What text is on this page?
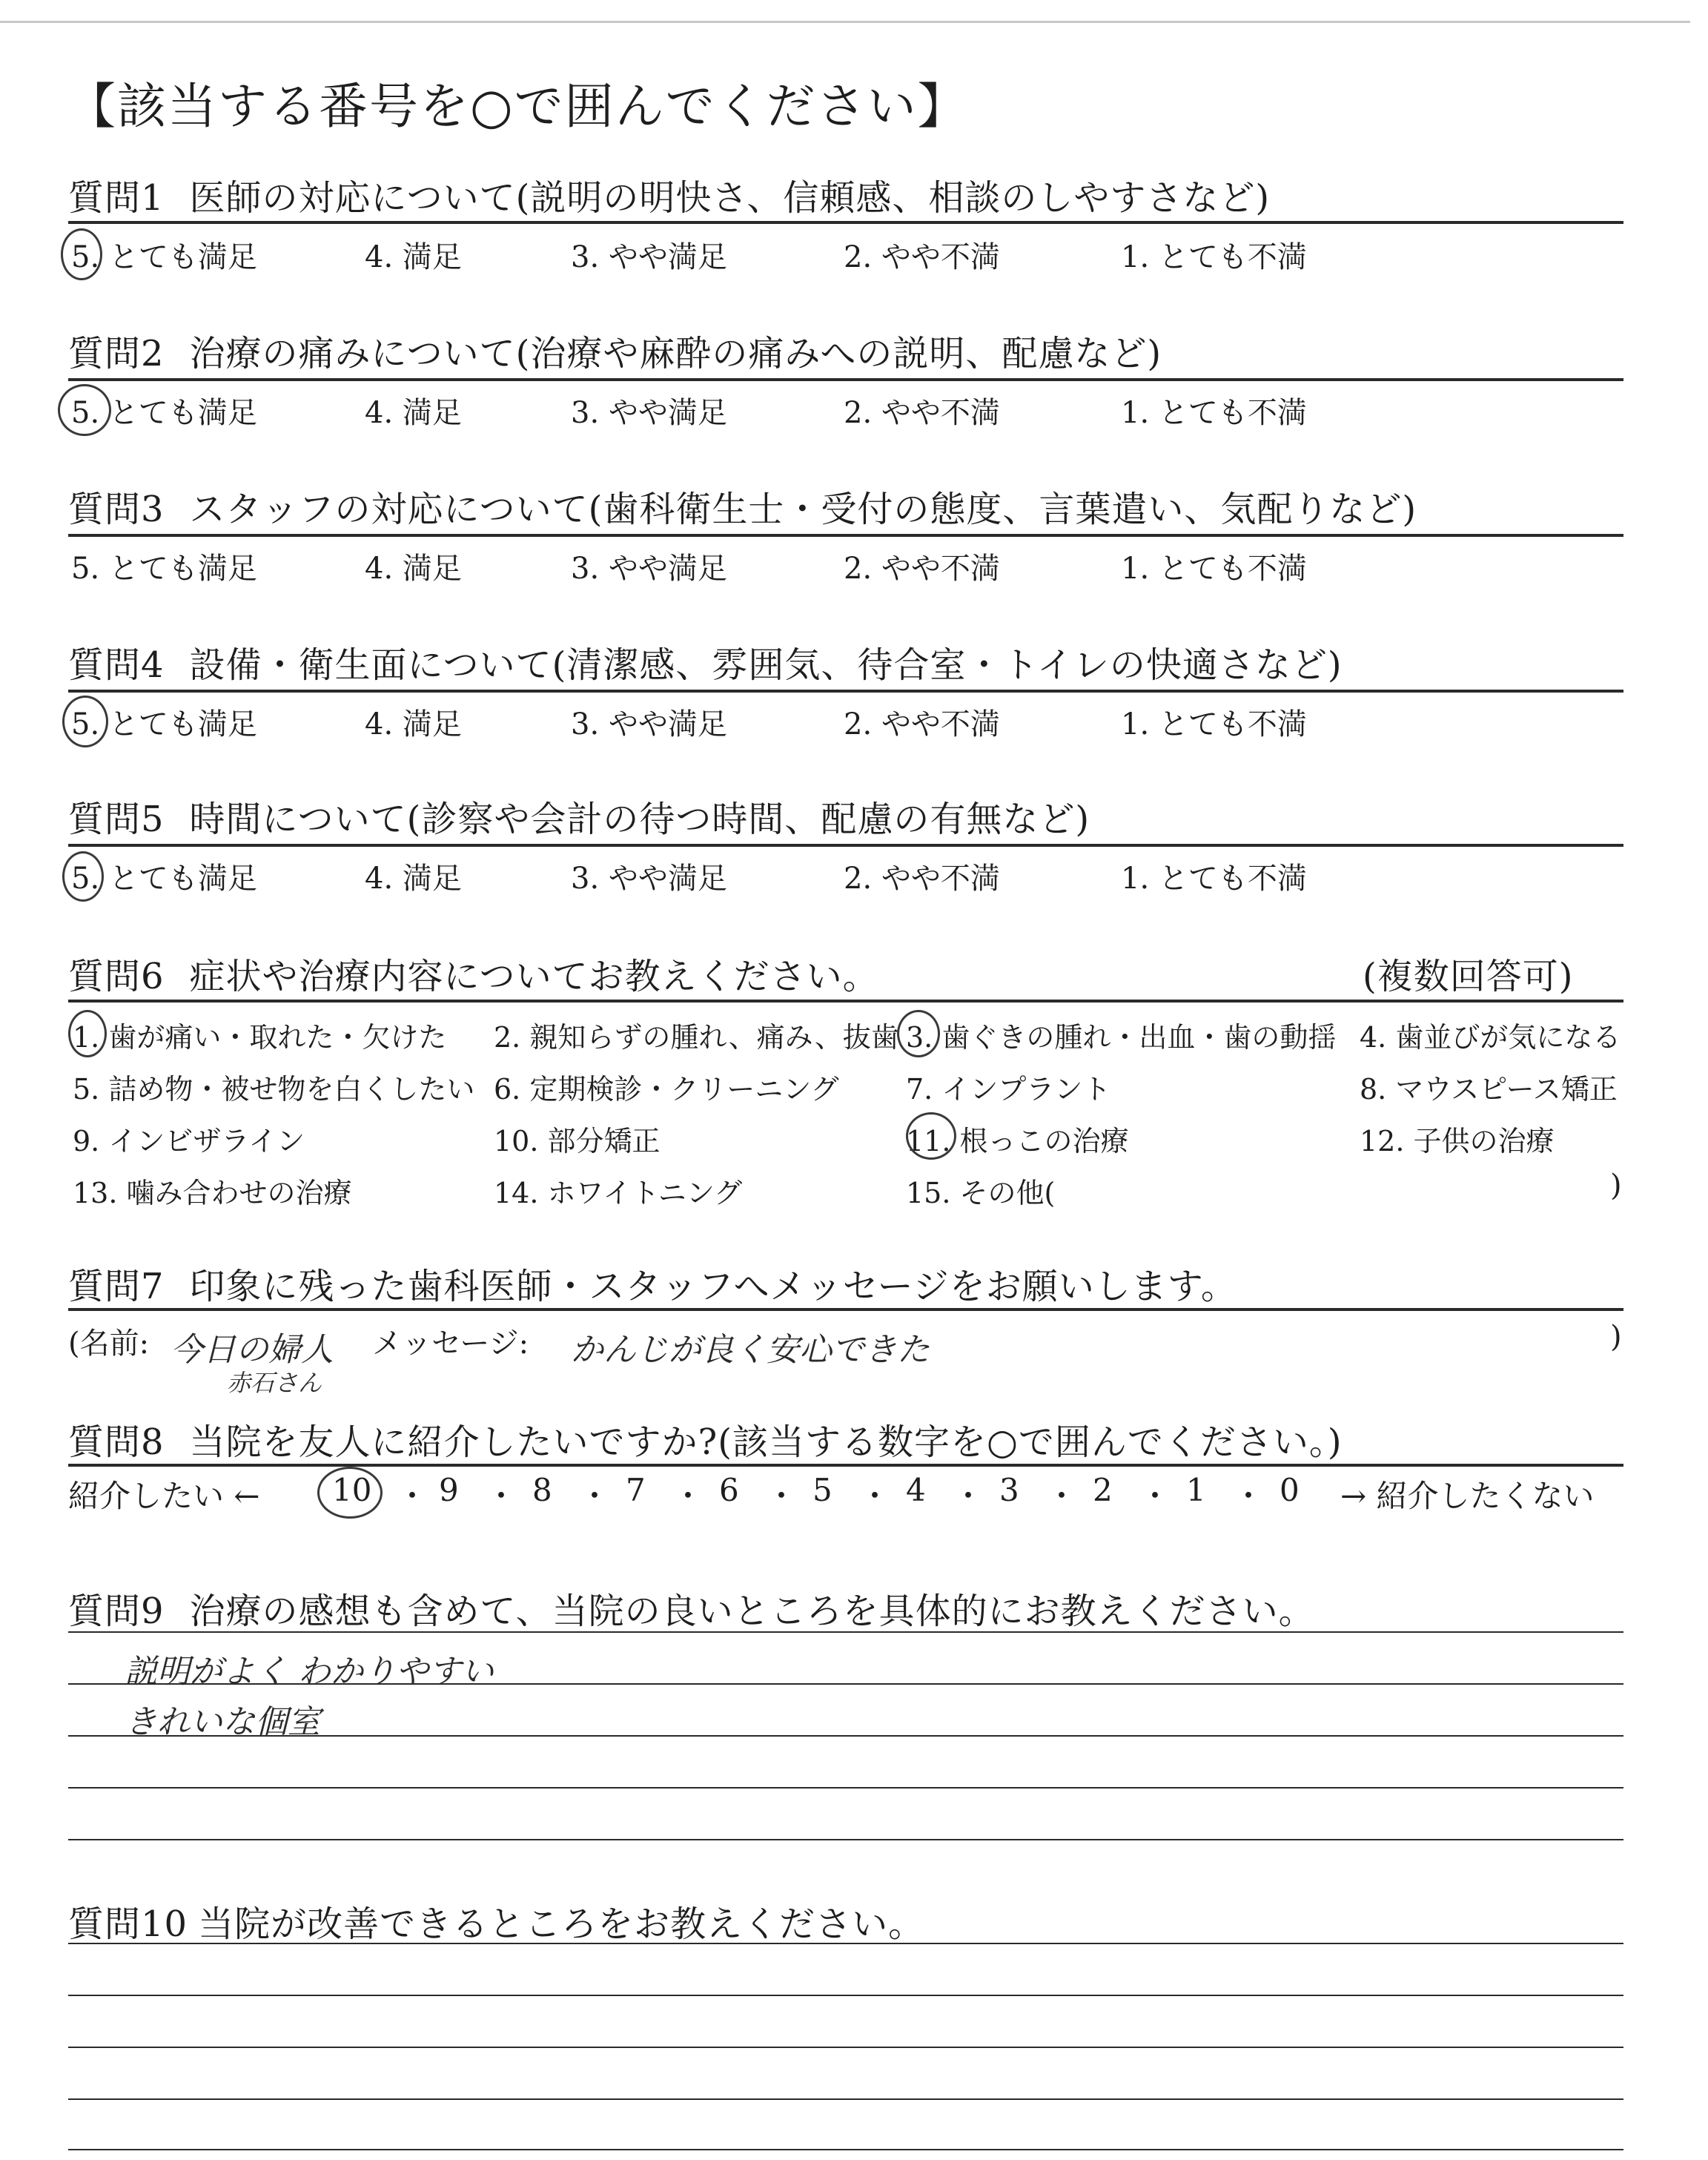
【該当する番号を○で囲んでください】
質問1 医師の対応について(説明の明快さ、信頼感、相談のしやすさなど)
5. とても満足	4. 満足	3. やや満足	2. やや不満	1. とても不満
質問2 治療の痛みについて(治療や麻酔の痛みへの説明、配慮など)
5. とても満足	4. 満足	3. やや満足	2. やや不満	1. とても不満
質問3 スタッフの対応について(歯科衛生士・受付の態度、言葉遣い、気配りなど)
5. とても満足	4. 満足	3. やや満足	2. やや不満	1. とても不満
質問4 設備・衛生面について(清潔感、雰囲気、待合室・トイレの快適さなど)
5. とても満足	4. 満足	3. やや満足	2. やや不満	1. とても不満
質問5 時間について(診察や会計の待つ時間、配慮の有無など)
5. とても満足	4. 満足	3. やや満足	2. やや不満	1. とても不満
質問6 症状や治療内容についてお教えください。	(複数回答可)
1. 歯が痛い・取れた・欠けた 2. 親知らずの腫れ、痛み、抜歯 3. 歯ぐきの腫れ・出血・歯の動揺 4. 歯並びが気になる
5. 詰め物・被せ物を白くしたい 6. 定期検診・クリーニング 7. インプラント	8. マウスピース矯正
9. インビザライン	10. 部分矯正	11. 根っこの治療	12. 子供の治療
13. 噛み合わせの治療	14. ホワイトニング	15. その他(	)
質問7 印象に残った歯科医師・スタッフへメッセージをお願いします。
(名前: 今日の婦人
赤石さん
メッセージ: かんじが良く安心できた	)
質問8 当院を友人に紹介したいですか?(該当する数字を○で囲んでください。)
紹介したい ← 10 ・ 9 ・ 8 ・ 7 ・ 6 ・ 5 ・ 4 ・ 3 ・ 2 ・ 1 ・ 0 → 紹介したくない
質問9 治療の感想も含めて、当院の良いところを具体的にお教えください。
説明がよく わかりやすい
きれいな個室
質問10 当院が改善できるところをお教えください。
